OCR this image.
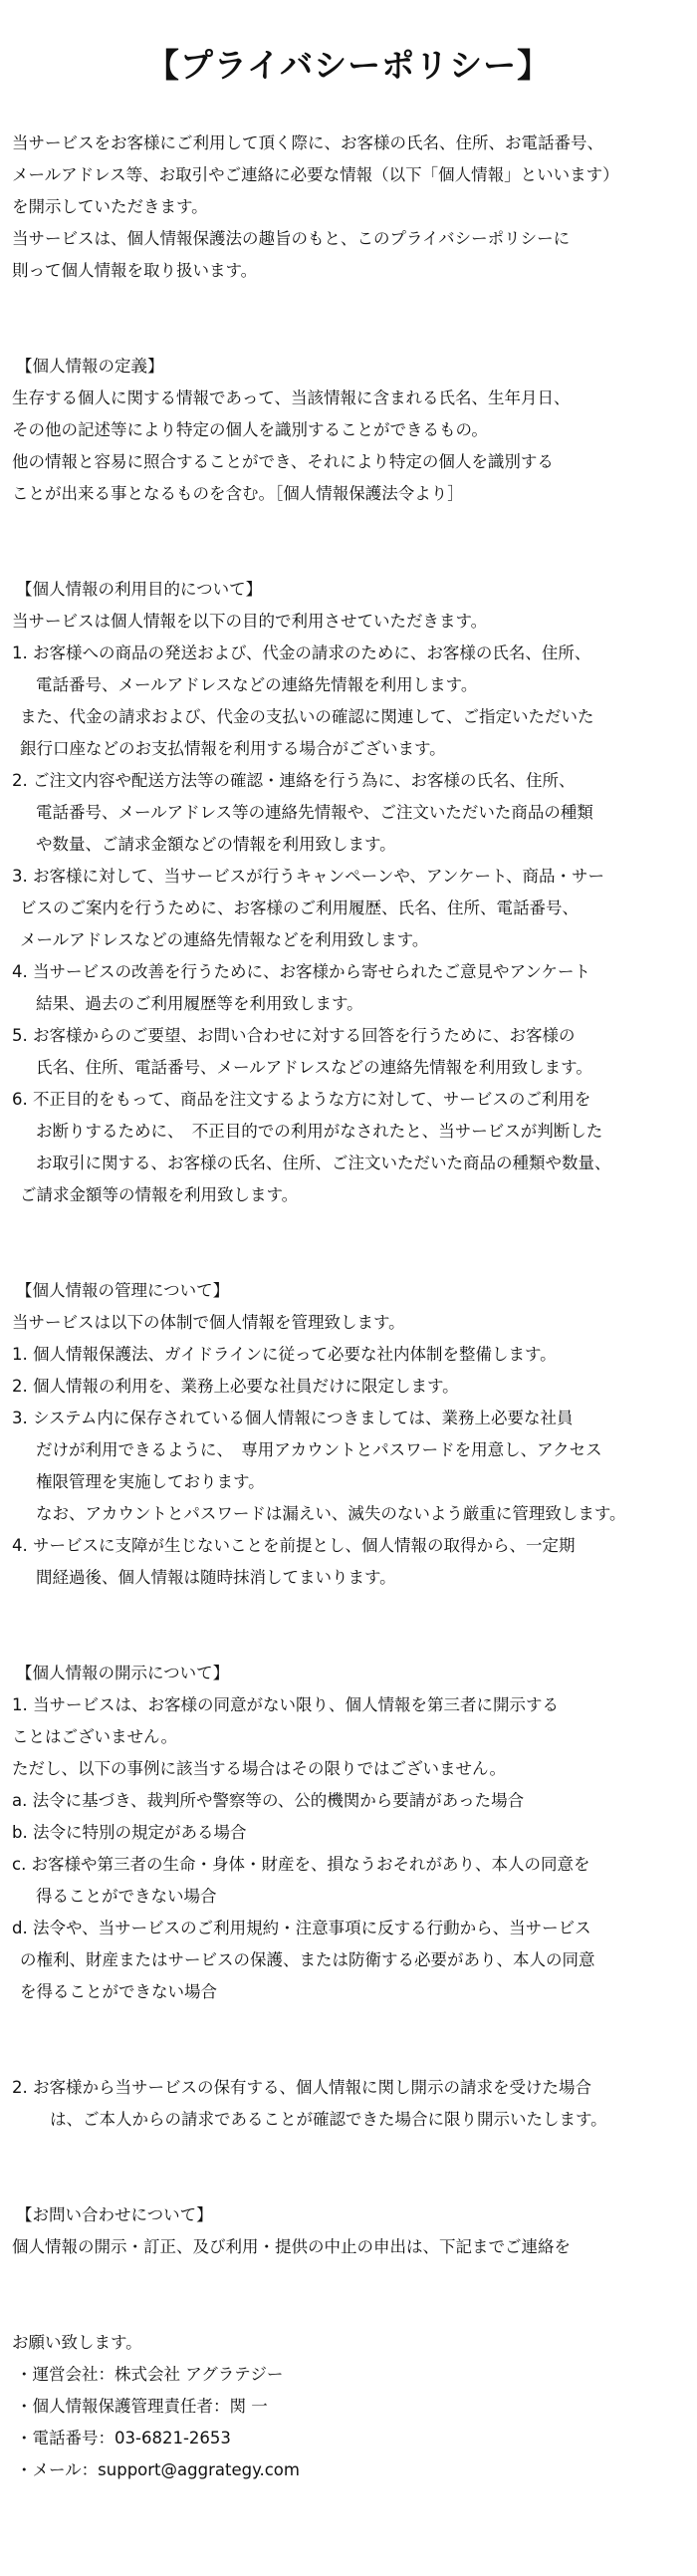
【プライバシーポリシー】
当サービスをお客様にご利用して頂く際に、お客様の氏名、住所、お電話番号、
メールアドレス等、お取引やご連絡に必要な情報（以下「個人情報」といいます）
を開示していただきます。
当サービスは、個人情報保護法の趣旨のもと、このプライバシーポリシーに
則って個人情報を取り扱います。
【個人情報の定義】
生存する個人に関する情報であって、当該情報に含まれる氏名、生年月日、
その他の記述等により特定の個人を識別することができるもの。
他の情報と容易に照合することができ、それにより特定の個人を識別する
ことが出来る事となるものを含む。［個人情報保護法令より］
【個人情報の利用目的について】
当サービスは個人情報を以下の目的で利用させていただきます。
1. お客様への商品の発送および、代金の請求のために、お客様の氏名、住所、
電話番号、メールアドレスなどの連絡先情報を利用します。
また、代金の請求および、代金の支払いの確認に関連して、ご指定いただいた
銀行口座などのお支払情報を利用する場合がございます。
2. ご注文内容や配送方法等の確認・連絡を行う為に、お客様の氏名、住所、
電話番号、メールアドレス等の連絡先情報や、ご注文いただいた商品の種類
や数量、ご請求金額などの情報を利用致します。
3. お客様に対して、当サービスが行うキャンペーンや、アンケート、商品・サー
ビスのご案内を行うために、お客様のご利用履歴、氏名、住所、電話番号、
メールアドレスなどの連絡先情報などを利用致します。
4. 当サービスの改善を行うために、お客様から寄せられたご意見やアンケート
結果、過去のご利用履歴等を利用致します。
5. お客様からのご要望、お問い合わせに対する回答を行うために、お客様の
氏名、住所、電話番号、メールアドレスなどの連絡先情報を利用致します。
6. 不正目的をもって、商品を注文するような方に対して、サービスのご利用を
お断りするために、　不正目的での利用がなされたと、当サービスが判断した
お取引に関する、お客様の氏名、住所、ご注文いただいた商品の種類や数量、
ご請求金額等の情報を利用致します。
【個人情報の管理について】
当サービスは以下の体制で個人情報を管理致します。
1. 個人情報保護法、ガイドラインに従って必要な社内体制を整備します。
2. 個人情報の利用を、業務上必要な社員だけに限定します。
3. システム内に保存されている個人情報につきましては、業務上必要な社員
だけが利用できるように、　専用アカウントとパスワードを用意し、アクセス
権限管理を実施しております。
なお、アカウントとパスワードは漏えい、滅失のないよう厳重に管理致します。
4. サービスに支障が生じないことを前提とし、個人情報の取得から、一定期
間経過後、個人情報は随時抹消してまいります。
【個人情報の開示について】
1. 当サービスは、お客様の同意がない限り、個人情報を第三者に開示する
ことはございません。
ただし、以下の事例に該当する場合はその限りではございません。
a. 法令に基づき、裁判所や警察等の、公的機関から要請があった場合
b. 法令に特別の規定がある場合
c. お客様や第三者の生命・身体・財産を、損なうおそれがあり、本人の同意を
得ることができない場合
d. 法令や、当サービスのご利用規約・注意事項に反する行動から、当サービス
の権利、財産またはサービスの保護、または防衛する必要があり、本人の同意
を得ることができない場合
2. お客様から当サービスの保有する、個人情報に関し開示の請求を受けた場合
は、ご本人からの請求であることが確認できた場合に限り開示いたします。
【お問い合わせについて】
個人情報の開示・訂正、及び利用・提供の中止の申出は、下記までご連絡を
お願い致します。
・運営会社：株式会社 アグラテジー
・個人情報保護管理責任者：関 一
・電話番号：03-6821-2653
・メール：support@aggrategy.com
